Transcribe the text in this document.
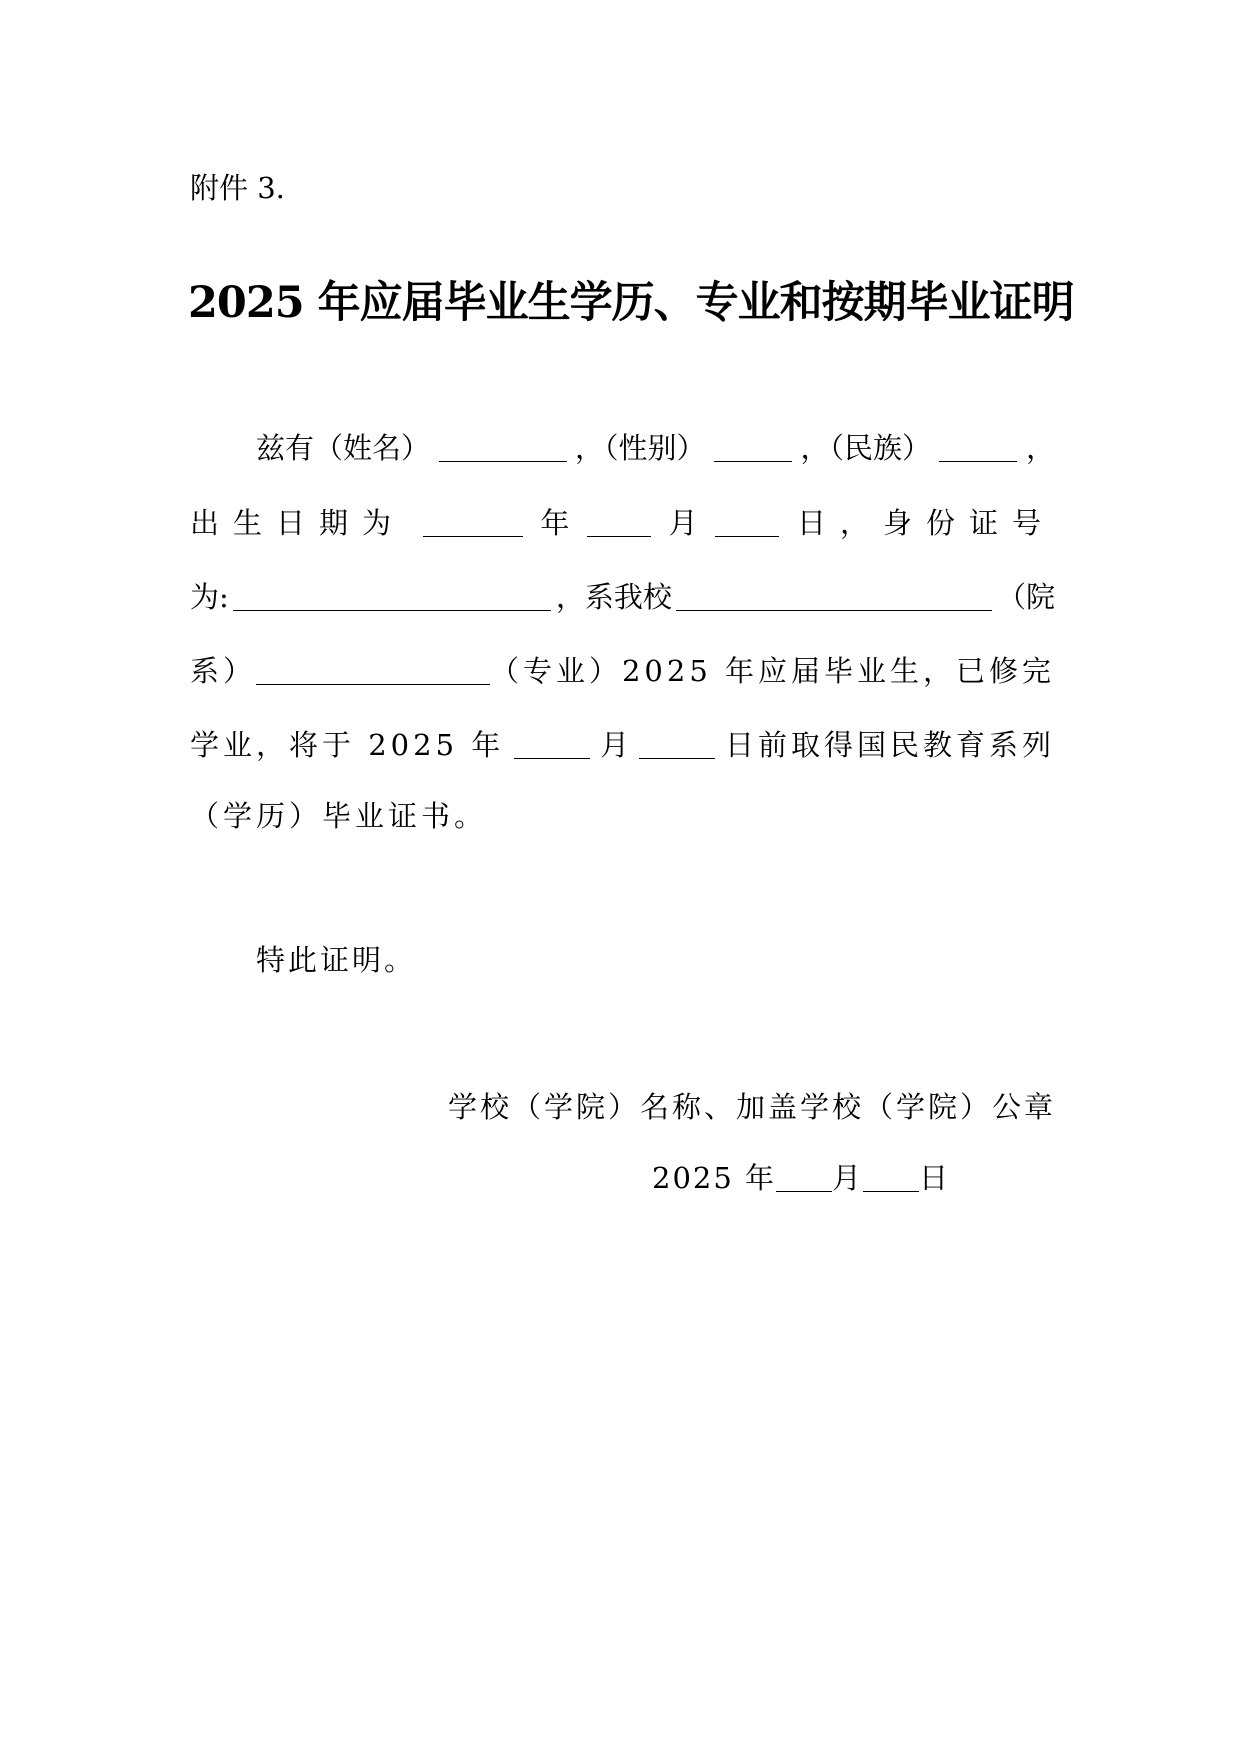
附件 3.
2025 年应届毕业生学历、专业和按期毕业证明
兹有（姓名）	，（性别）	，（民族）	，
出生日期为	年	月	日，身份证号
为:	，系我校	（院
系）	（专业）2025 年应届毕业生，已修完
学业，将于 2025 年	月	日前取得国民教育系列
（学历）毕业证书。
特此证明。
学校（学院）名称、加盖学校（学院）公章
2025 年 月 日
